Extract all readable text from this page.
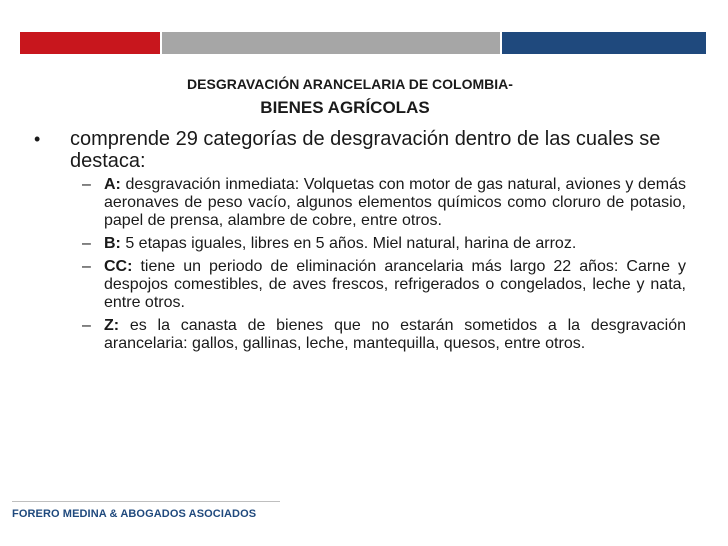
DESGRAVACIÓN ARANCELARIA DE COLOMBIA-
BIENES AGRÍCOLAS
•	comprende 29 categorías de desgravación dentro de las cuales se destaca:
– A: desgravación inmediata: Volquetas con motor de gas natural, aviones y demás aeronaves de peso vacío, algunos elementos químicos como cloruro de potasio, papel de prensa, alambre de cobre, entre otros.
– B: 5 etapas iguales, libres en 5 años. Miel natural, harina de arroz.
– CC: tiene un periodo de eliminación arancelaria más largo 22 años: Carne y despojos comestibles, de aves frescos, refrigerados o congelados, leche y nata, entre otros.
– Z: es la canasta de bienes que no estarán sometidos a la desgravación arancelaria: gallos, gallinas, leche, mantequilla, quesos, entre otros.
FORERO MEDINA & ABOGADOS ASOCIADOS
